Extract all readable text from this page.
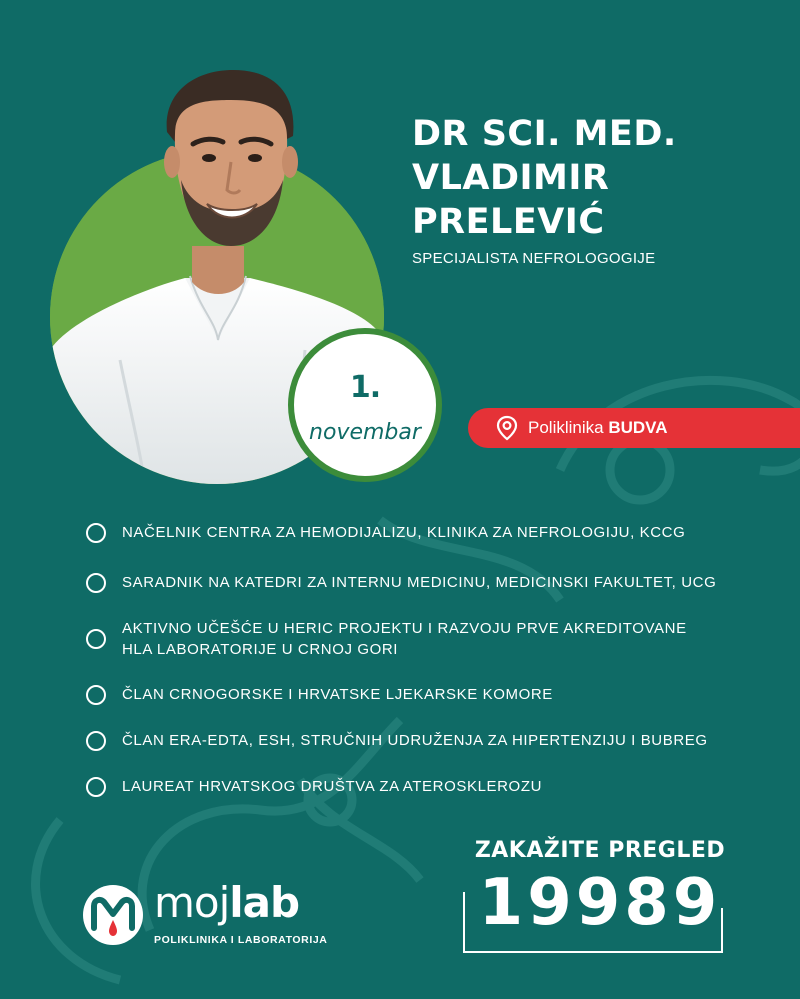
1.
novembar
DR SCI. MED.
VLADIMIR
PRELEVIĆ
SPECIJALISTA NEFROLOGOGIJE
Poliklinika BUDVA
NAČELNIK CENTRA ZA HEMODIJALIZU, KLINIKA ZA NEFROLOGIJU, KCCG
SARADNIK NA KATEDRI ZA INTERNU MEDICINU, MEDICINSKI FAKULTET, UCG
AKTIVNO UČEŠĆE U HERIC PROJEKTU I RAZVOJU PRVE AKREDITOVANE
HLA LABORATORIJE U CRNOJ GORI
ČLAN CRNOGORSKE I HRVATSKE LJEKARSKE KOMORE
ČLAN ERA-EDTA, ESH, STRUČNIH UDRUŽENJA ZA HIPERTENZIJU I BUBREG
LAUREAT HRVATSKOG DRUŠTVA ZA ATEROSKLEROZU
mojlab
POLIKLINIKA I LABORATORIJA
ZAKAŽITE PREGLED
19989
